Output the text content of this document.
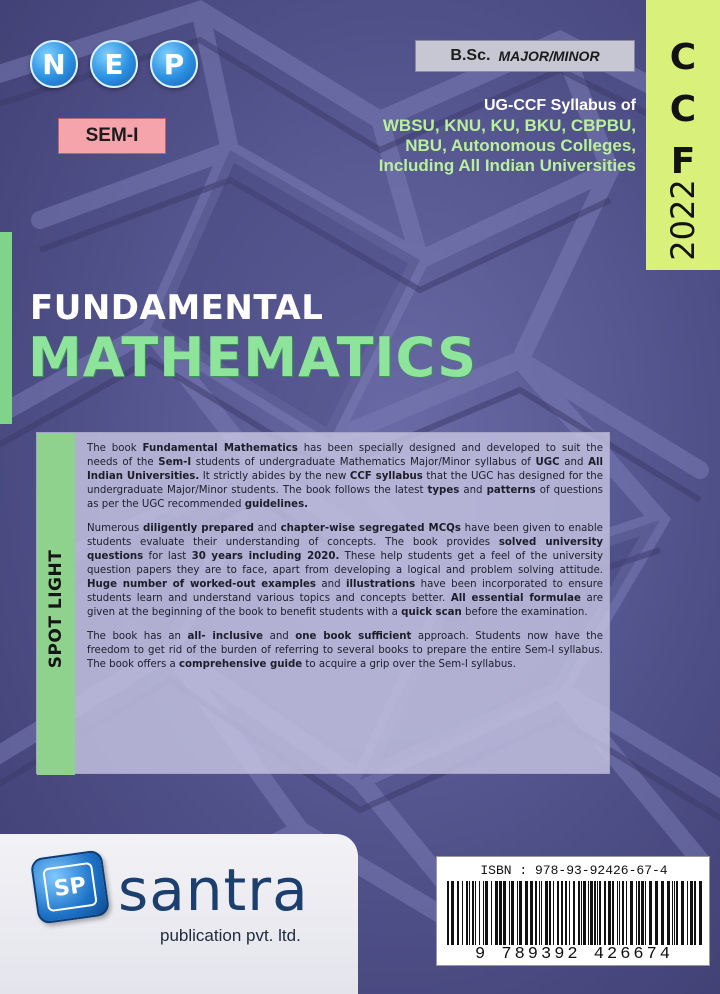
N	E	P
SEM-I
B.Sc. MAJOR/MINOR
UG-CCF Syllabus of
WBSU, KNU, KU, BKU, CBPBU,
NBU, Autonomous Colleges,
Including All Indian Universities
C
C
F
2022
FUNDAMENTAL
MATHEMATICS
SPOT LIGHT

The book Fundamental Mathematics has been specially designed and developed to suit the needs of the Sem-I students of undergraduate Mathematics Major/Minor syllabus of UGC and All Indian Universities. It strictly abides by the new CCF syllabus that the UGC has designed for the undergraduate Major/Minor students. The book follows the latest types and patterns of questions as per the UGC recommended guidelines.

Numerous diligently prepared and chapter-wise segregated MCQs have been given to enable students evaluate their understanding of concepts. The book provides solved university questions for last 30 years including 2020. These help students get a feel of the university question papers they are to face, apart from developing a logical and problem solving attitude. Huge number of worked-out examples and illustrations have been incorporated to ensure students learn and understand various topics and concepts better. All essential formulae are given at the beginning of the book to benefit students with a quick scan before the examination.

The book has an all- inclusive and one book sufficient approach. Students now have the freedom to get rid of the burden of referring to several books to prepare the entire Sem-I syllabus. The book offers a comprehensive guide to acquire a grip over the Sem-I syllabus.

SP santra
publication pvt. ltd.
ISBN : 978-93-92426-67-4
9 789392 426674
